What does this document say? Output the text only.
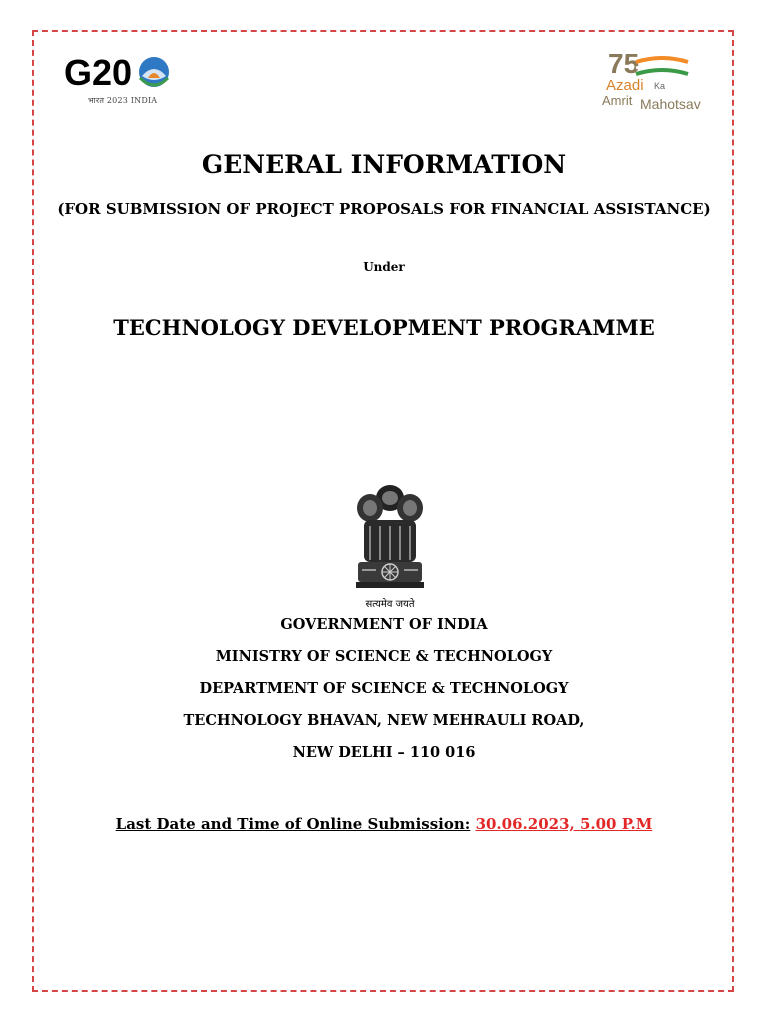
G20
भारत 2023 INDIA
75
Azadi Ka
Amrit Mahotsav
GENERAL INFORMATION
(FOR SUBMISSION OF PROJECT PROPOSALS FOR FINANCIAL ASSISTANCE)
Under
TECHNOLOGY DEVELOPMENT PROGRAMME
सत्यमेव जयते
GOVERNMENT OF INDIA
MINISTRY OF SCIENCE & TECHNOLOGY
DEPARTMENT OF SCIENCE & TECHNOLOGY
TECHNOLOGY BHAVAN, NEW MEHRAULI ROAD,
NEW DELHI – 110 016
Last Date and Time of Online Submission: 30.06.2023, 5.00 P.M
